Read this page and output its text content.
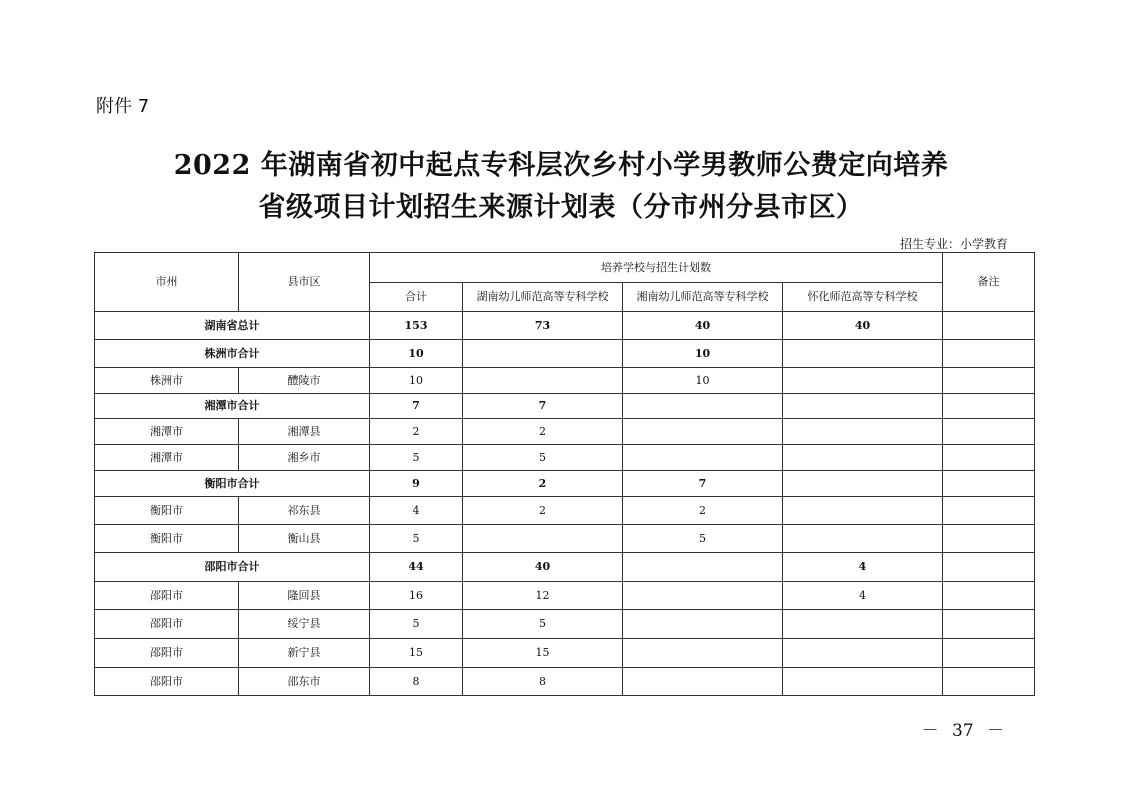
附件 7
2022 年湖南省初中起点专科层次乡村小学男教师公费定向培养
省级项目计划招生来源计划表（分市州分县市区）
招生专业：小学教育
市州	县市区	培养学校与招生计划数				备注
		合计	湖南幼儿师范高等专科学校	湘南幼儿师范高等专科学校	怀化师范高等专科学校	
湖南省总计		153	73	40	40	
株洲市合计		10		10		
株洲市	醴陵市	10		10		
湘潭市合计		7	7			
湘潭市	湘潭县	2	2			
湘潭市	湘乡市	5	5			
衡阳市合计		9	2	7		
衡阳市	祁东县	4	2	2		
衡阳市	衡山县	5		5		
邵阳市合计		44	40		4	
邵阳市	隆回县	16	12		4	
邵阳市	绥宁县	5	5			
邵阳市	新宁县	15	15			
邵阳市	邵东市	8	8			
－ 37 －
